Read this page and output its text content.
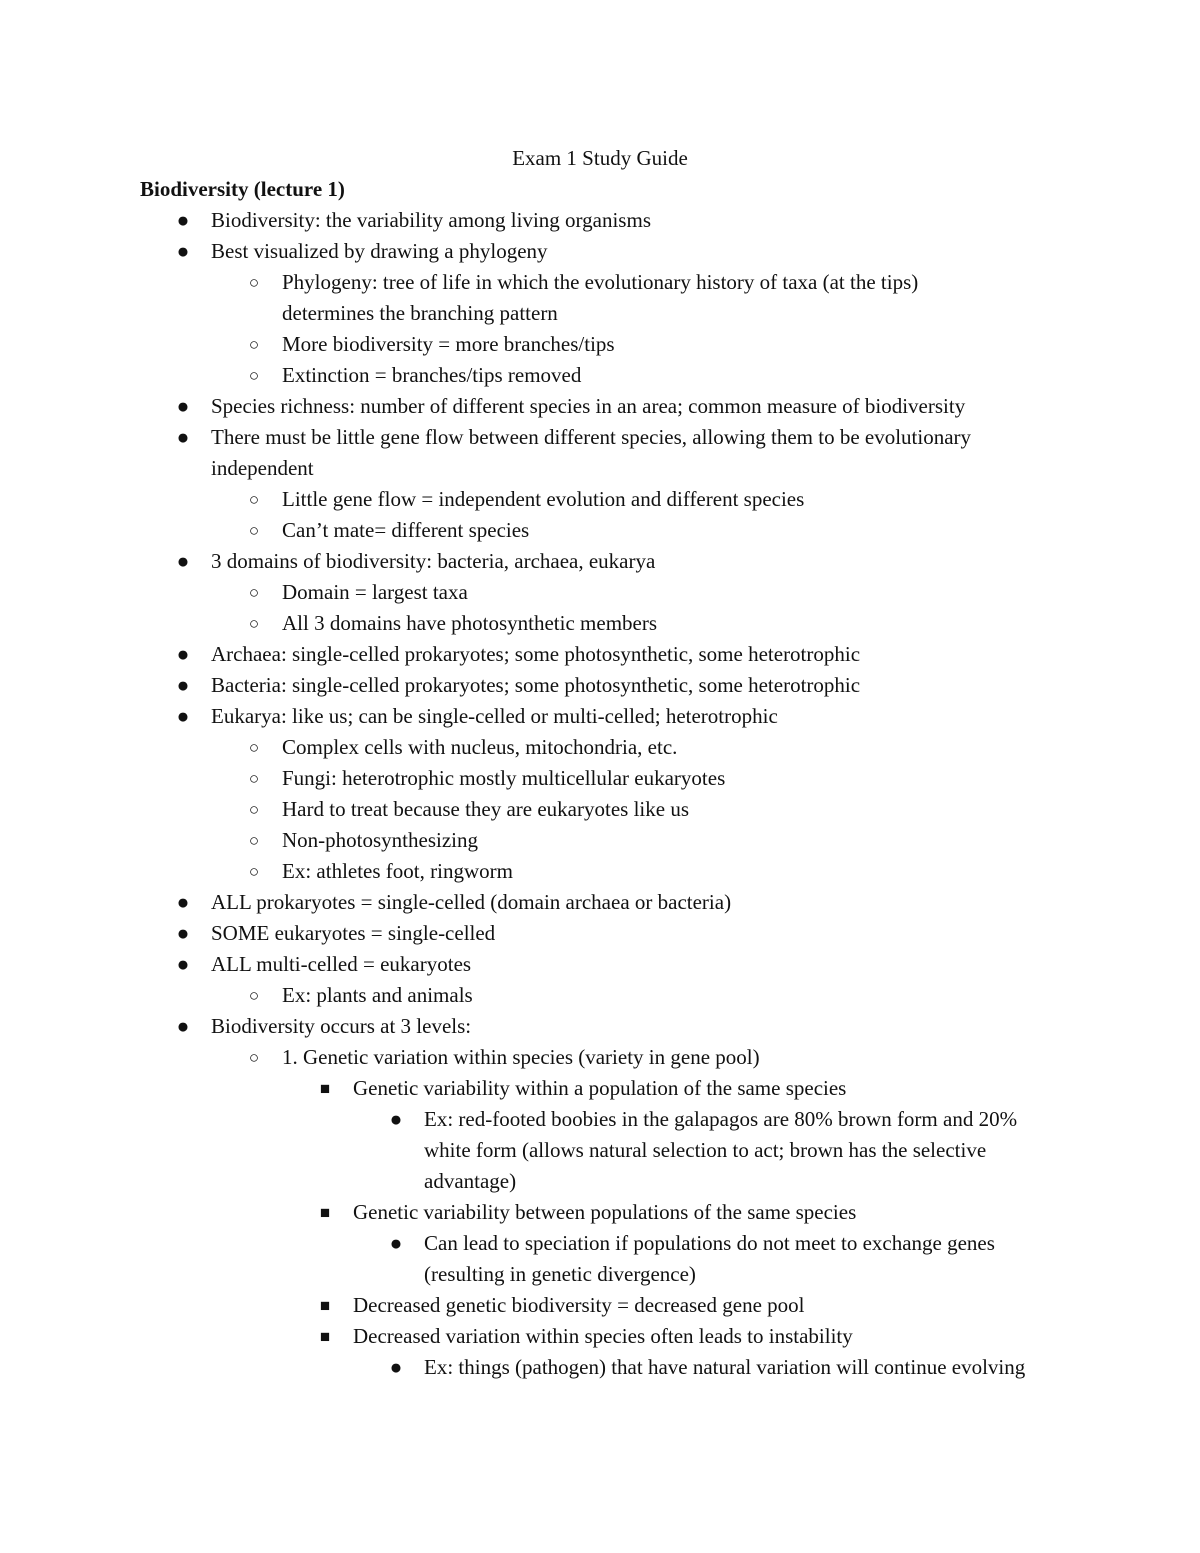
Exam 1 Study Guide
Biodiversity (lecture 1)
● Biodiversity: the variability among living organisms
● Best visualized by drawing a phylogeny
○ Phylogeny: tree of life in which the evolutionary history of taxa (at the tips) determines the branching pattern
○ More biodiversity = more branches/tips
○ Extinction = branches/tips removed
● Species richness: number of different species in an area; common measure of biodiversity
● There must be little gene flow between different species, allowing them to be evolutionary independent
○ Little gene flow = independent evolution and different species
○ Can’t mate= different species
● 3 domains of biodiversity: bacteria, archaea, eukarya
○ Domain = largest taxa
○ All 3 domains have photosynthetic members
● Archaea: single-celled prokaryotes; some photosynthetic, some heterotrophic
● Bacteria: single-celled prokaryotes; some photosynthetic, some heterotrophic
● Eukarya: like us; can be single-celled or multi-celled; heterotrophic
○ Complex cells with nucleus, mitochondria, etc.
○ Fungi: heterotrophic mostly multicellular eukaryotes
○ Hard to treat because they are eukaryotes like us
○ Non-photosynthesizing
○ Ex: athletes foot, ringworm
● ALL prokaryotes = single-celled (domain archaea or bacteria)
● SOME eukaryotes = single-celled
● ALL multi-celled = eukaryotes
○ Ex: plants and animals
● Biodiversity occurs at 3 levels:
○ 1. Genetic variation within species (variety in gene pool)
■ Genetic variability within a population of the same species
● Ex: red-footed boobies in the galapagos are 80% brown form and 20% white form (allows natural selection to act; brown has the selective advantage)
■ Genetic variability between populations of the same species
● Can lead to speciation if populations do not meet to exchange genes (resulting in genetic divergence)
■ Decreased genetic biodiversity = decreased gene pool
■ Decreased variation within species often leads to instability
● Ex: things (pathogen) that have natural variation will continue evolving
